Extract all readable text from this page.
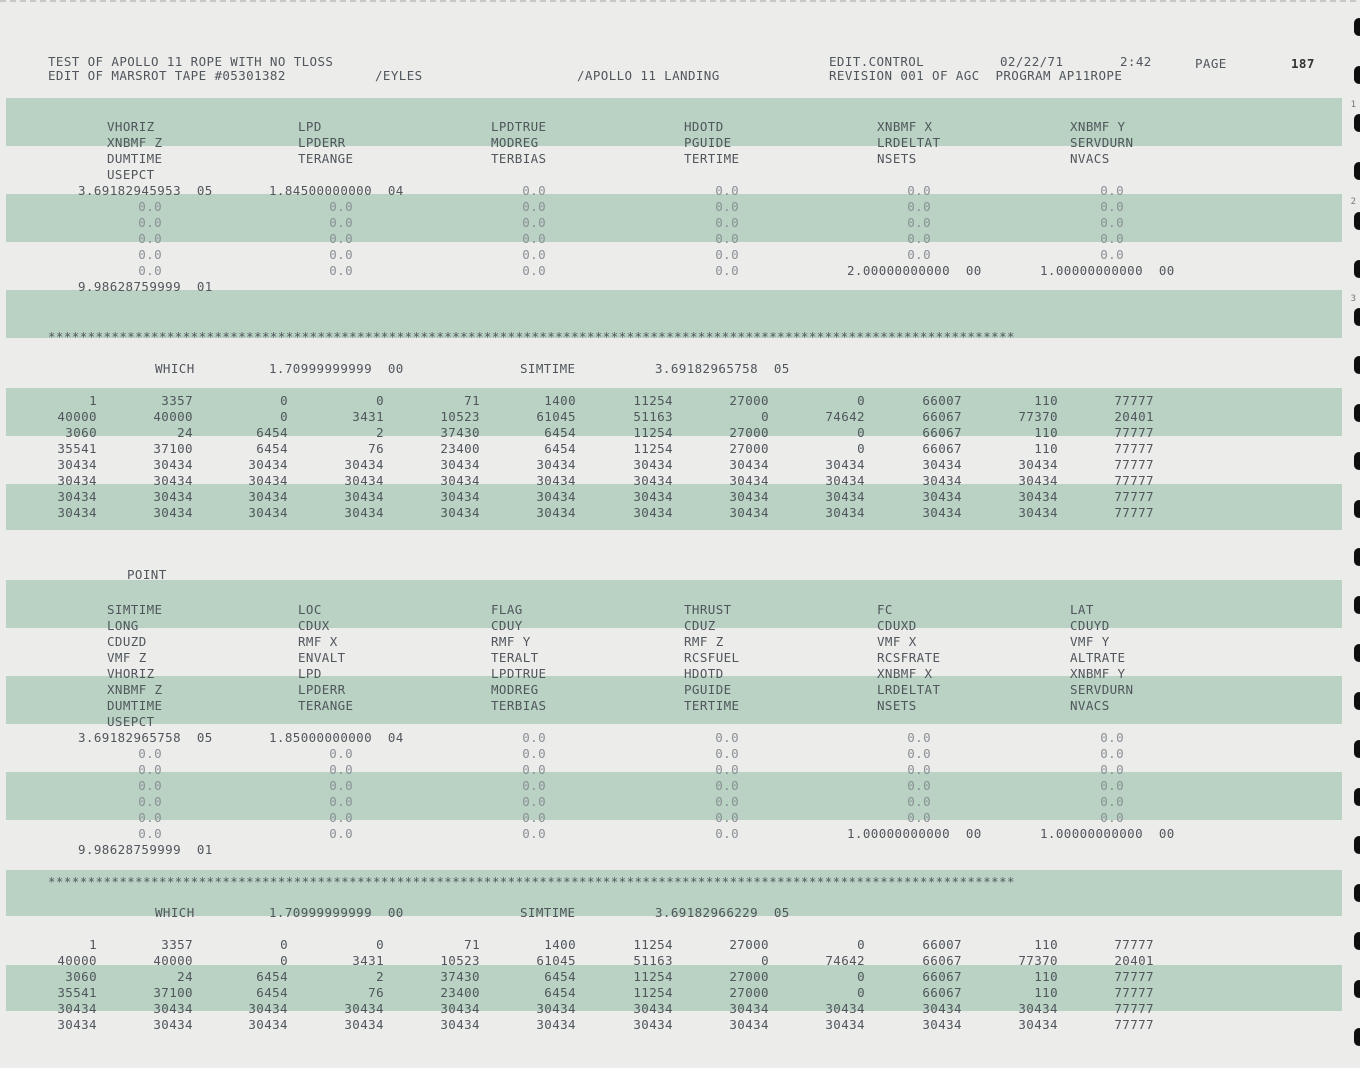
TEST OF APOLLO 11 ROPE WITH NO TLOSS
EDIT OF MARSROT TAPE #05301382	/EYLES	/APOLLO 11 LANDING
EDIT.CONTROL	02/22/71	2:42	PAGE	187
REVISION 001 OF AGC  PROGRAM AP11ROPE
1
2
3
VHORIZ	LPD	LPDTRUE	HDOTD	XNBMF X	XNBMF Y
XNBMF Z	LPDERR	MODREG	PGUIDE	LRDELTAT	SERVDURN
DUMTIME	TERANGE	TERBIAS	TERTIME	NSETS	NVACS
USEPCT
3.69182945953  05	1.84500000000  04	0.0	0.0	0.0	0.0
0.0	0.0	0.0	0.0	0.0	0.0
0.0	0.0	0.0	0.0	0.0	0.0
0.0	0.0	0.0	0.0	0.0	0.0
0.0	0.0	0.0	0.0	0.0	0.0
0.0	0.0	0.0	0.0	2.00000000000  00	1.00000000000  00
9.98628759999  01
**************************************************************************************************************************
WHICH	1.70999999999  00	SIMTIME	3.69182965758  05
1	3357	0	0	71	1400	11254	27000	0	66007	110	77777
40000	40000	0	3431	10523	61045	51163	0	74642	66067	77370	20401
3060	24	6454	2	37430	6454	11254	27000	0	66067	110	77777
35541	37100	6454	76	23400	6454	11254	27000	0	66067	110	77777
30434	30434	30434	30434	30434	30434	30434	30434	30434	30434	30434	77777
30434	30434	30434	30434	30434	30434	30434	30434	30434	30434	30434	77777
30434	30434	30434	30434	30434	30434	30434	30434	30434	30434	30434	77777
30434	30434	30434	30434	30434	30434	30434	30434	30434	30434	30434	77777
POINT
SIMTIME	LOC	FLAG	THRUST	FC	LAT
LONG	CDUX	CDUY	CDUZ	CDUXD	CDUYD
CDUZD	RMF X	RMF Y	RMF Z	VMF X	VMF Y
VMF Z	ENVALT	TERALT	RCSFUEL	RCSFRATE	ALTRATE
VHORIZ	LPD	LPDTRUE	HDOTD	XNBMF X	XNBMF Y
XNBMF Z	LPDERR	MODREG	PGUIDE	LRDELTAT	SERVDURN
DUMTIME	TERANGE	TERBIAS	TERTIME	NSETS	NVACS
USEPCT
3.69182965758  05	1.85000000000  04	0.0	0.0	0.0	0.0
0.0	0.0	0.0	0.0	0.0	0.0
0.0	0.0	0.0	0.0	0.0	0.0
0.0	0.0	0.0	0.0	0.0	0.0
0.0	0.0	0.0	0.0	0.0	0.0
0.0	0.0	0.0	0.0	0.0	0.0
0.0	0.0	0.0	0.0	1.00000000000  00	1.00000000000  00
9.98628759999  01
**************************************************************************************************************************
WHICH	1.70999999999  00	SIMTIME	3.69182966229  05
1	3357	0	0	71	1400	11254	27000	0	66007	110	77777
40000	40000	0	3431	10523	61045	51163	0	74642	66067	77370	20401
3060	24	6454	2	37430	6454	11254	27000	0	66067	110	77777
35541	37100	6454	76	23400	6454	11254	27000	0	66067	110	77777
30434	30434	30434	30434	30434	30434	30434	30434	30434	30434	30434	77777
30434	30434	30434	30434	30434	30434	30434	30434	30434	30434	30434	77777
